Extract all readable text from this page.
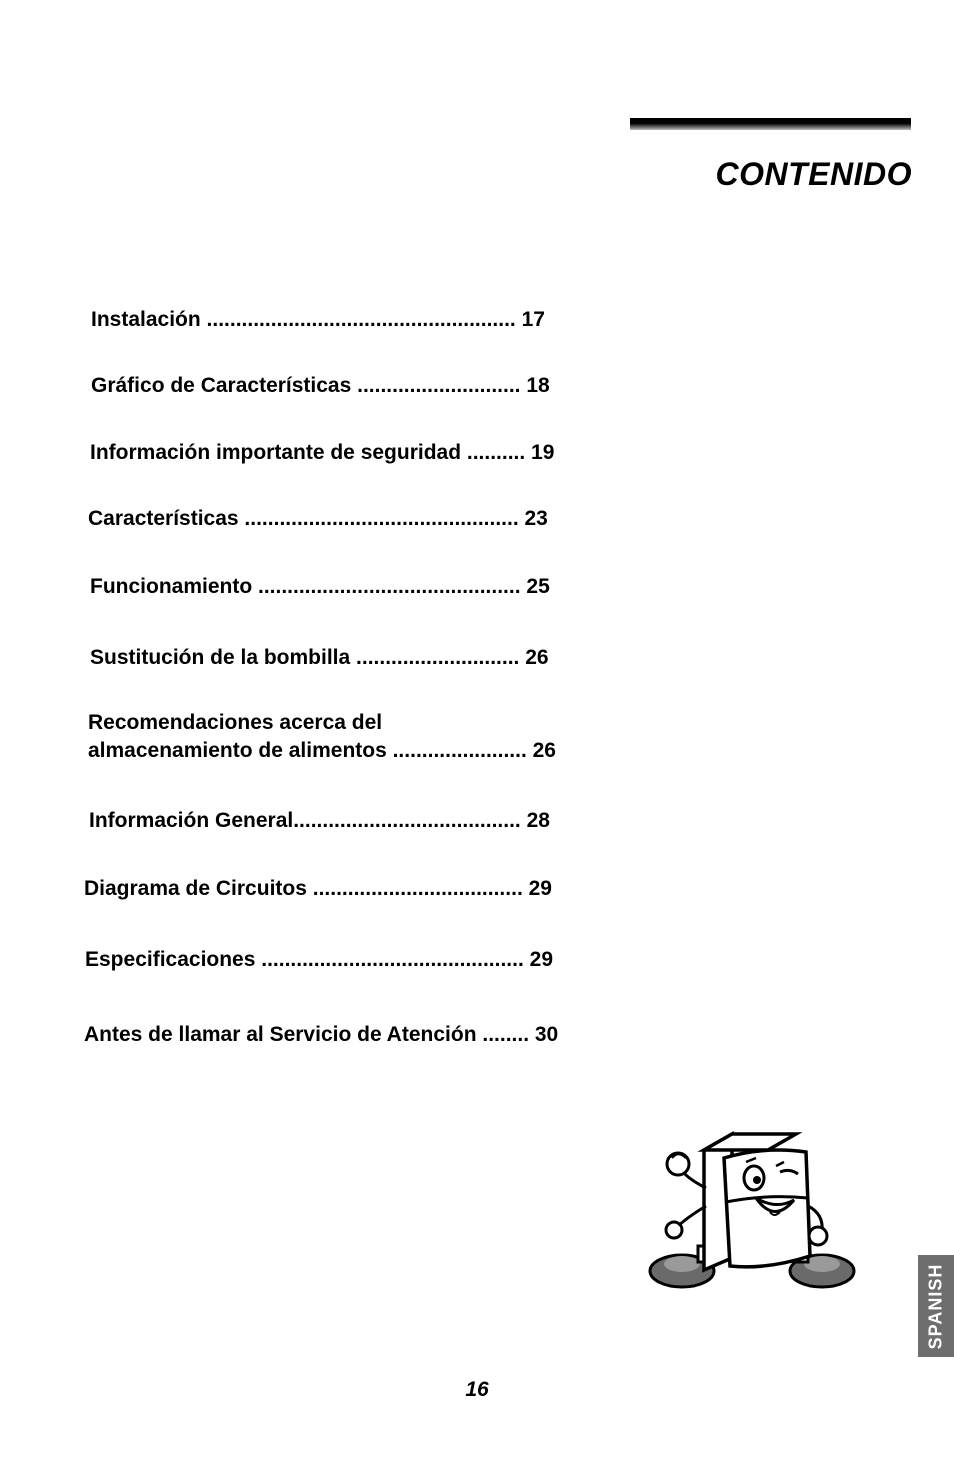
CONTENIDO
Instalación ..................................................... 17
Gráfico de Características ............................ 18
Información importante de seguridad .......... 19
Características ............................................... 23
Funcionamiento ............................................. 25
Sustitución de la bombilla ............................ 26
Recomendaciones acerca del
almacenamiento de alimentos ....................... 26
Información General....................................... 28
Diagrama de Circuitos .................................... 29
Especificaciones ............................................. 29
Antes de llamar al Servicio de Atención ........ 30
SPANISH
16
